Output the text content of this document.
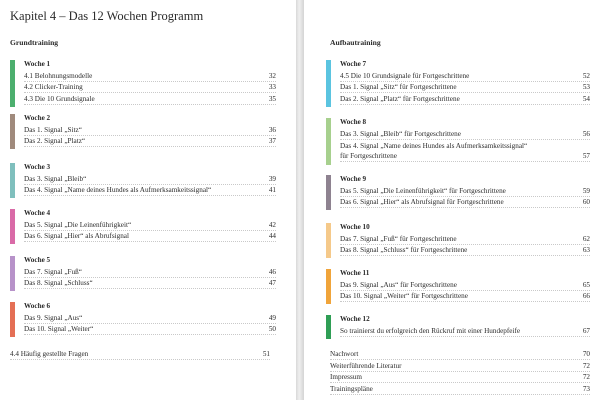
Kapitel 4 – Das 12 Wochen Programm
Grundtraining
Woche 1
4.1 Belohnungsmodelle	32
4.2 Clicker-Training	33
4.3 Die 10 Grundsignale	35
Woche 2
Das 1. Signal „Sitz“	36
Das 2. Signal „Platz“	37
Woche 3
Das 3. Signal „Bleib“	39
Das 4. Signal „Name deines Hundes als Aufmerksamkeitssignal“	41
Woche 4
Das 5. Signal „Die Leinenführigkeit“	42
Das 6. Signal „Hier“ als Abrufsignal	44
Woche 5
Das 7. Signal „Fuß“	46
Das 8. Signal „Schluss“	47
Woche 6
Das 9. Signal „Aus“	49
Das 10. Signal „Weiter“	50
4.4 Häufig gestellte Fragen	51
Aufbautraining
Woche 7
4.5 Die 10 Grundsignale für Fortgeschrittene	52
Das 1. Signal „Sitz“ für Fortgeschrittene	53
Das 2. Signal „Platz“ für Fortgeschrittene	54
Woche 8
Das 3. Signal „Bleib“ für Fortgeschrittene	56
Das 4. Signal „Name deines Hundes als Aufmerksamkeitssignal“
für Fortgeschrittene	57
Woche 9
Das 5. Signal „Die Leinenführigkeit“ für Fortgeschrittene	59
Das 6. Signal „Hier“ als Abrufsignal für Fortgeschrittene	60
Woche 10
Das 7. Signal „Fuß“ für Fortgeschrittene	62
Das 8. Signal „Schluss“ für Fortgeschrittene	63
Woche 11
Das 9. Signal „Aus“ für Fortgeschrittene	65
Das 10. Signal „Weiter“ für Fortgeschrittene	66
Woche 12
So trainierst du erfolgreich den Rückruf mit einer Hundepfeife	67
Nachwort	70
Weiterführende Literatur	72
Impressum	72
Trainingspläne	73
